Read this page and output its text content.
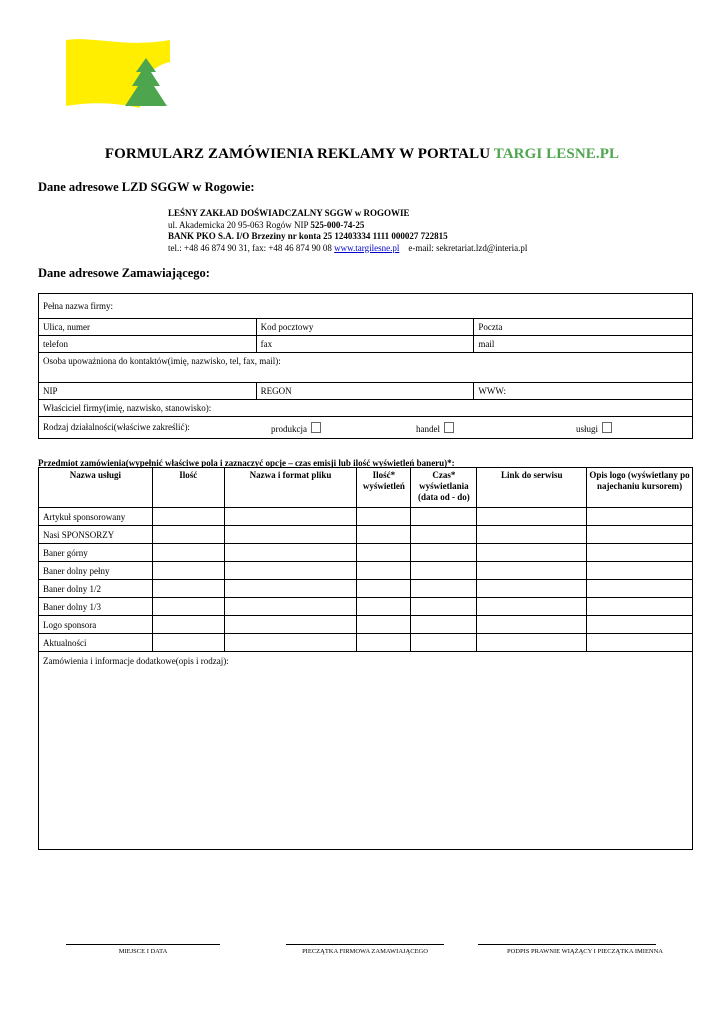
FORMULARZ ZAMÓWIENIA REKLAMY W PORTALU TARGI LESNE.PL
Dane adresowe LZD SGGW w Rogowie:
LEŚNY ZAKŁAD DOŚWIADCZALNY SGGW w ROGOWIE
ul. Akademicka 20 95-063 Rogów NIP 525-000-74-25
BANK PKO S.A. I/O Brzeziny nr konta 25 12403334 1111 000027 722815
tel.: +48 46 874 90 31, fax: +48 46 874 90 08 www.targilesne.pl e-mail: sekretariat.lzd@interia.pl
Dane adresowe Zamawiającego:
Pełna nazwa firmy:		
Ulica, numer	Kod pocztowy	Poczta
telefon	fax	mail
Osoba upoważniona do kontaktów(imię, nazwisko, tel, fax, mail):		
NIP	REGON	WWW:
Właściciel firmy(imię, nazwisko, stanowisko):		

Rodzaj działalności(właściwe zakreślić): produkcja handel usługi		
Przedmiot zamówienia(wypełnić właściwe pola i zaznaczyć opcje – czas emisji lub ilość wyświetleń baneru)*:
Nazwa usługi	Ilość	Nazwa i format pliku	Ilość* wyświetleń	Czas* wyświetlania (data od - do)	Link do serwisu	Opis logo (wyświetlany po najechaniu kursorem)
Artykuł sponsorowany						
Nasi SPONSORZY						
Baner górny						
Baner dolny pełny						
Baner dolny 1/2						
Baner dolny 1/3						
Logo sponsora						
Aktualności						
Zamówienia i informacje dodatkowe(opis i rodzaj):						
MIEJSCE I DATA	PIECZĄTKA FIRMOWA ZAMAWIAJĄCEGO	PODPIS PRAWNIE WIĄŻĄCY I PIECZĄTKA IMIENNA
